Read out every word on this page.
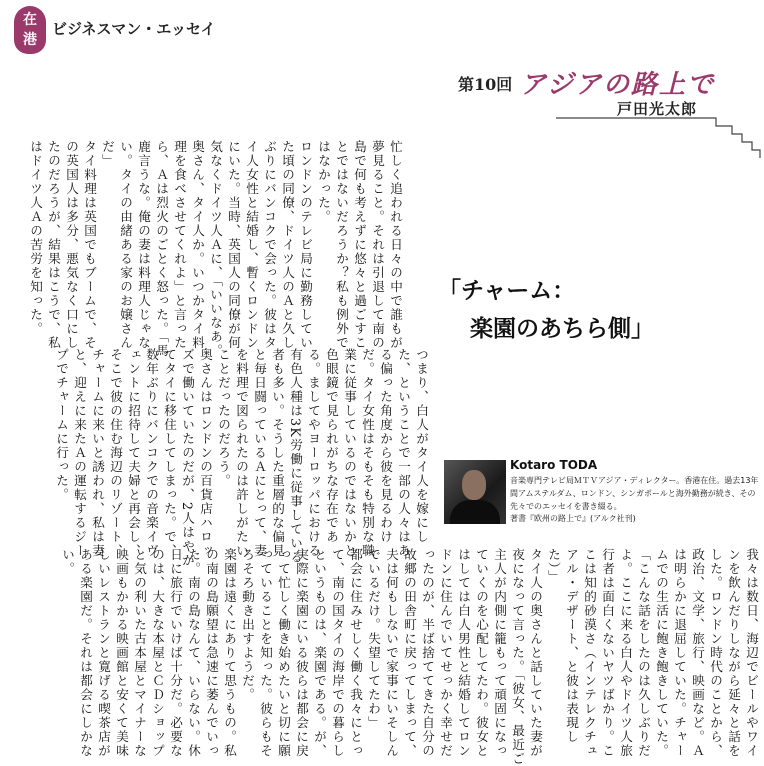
在
港
ビジネスマン・エッセイ
第10回 アジアの路上で
戸田光太郎
忙しく追われる日々の中で誰もが夢見ること。それは引退して南の島で何も考えずに悠々と過ごすことではないだろうか？私も例外ではなかった。
ロンドンのテレビ局に勤務していた頃の同僚、ドイツ人のＡと久しぶりにバンコクで会った。彼はタイ人女性と結婚し、暫くロンドンにいた。当時、英国人の同僚が何気なくドイツ人Ａに、「いいなあ。奥さん、タイ人か。いつかタイ料理を食べさせてくれよ」と言ったら、Ａは烈火のごとく怒った。「馬鹿言うな。俺の妻は料理人じゃない。タイの由緒ある家のお嬢さんだ」
タイ料理は英国でもブームで、その英国人は多分、悪気なく口にしたのだろうが、結果はこうで、私はドイツ人Ａの苦労を知った。
つまり、白人がタイ人を嫁にした、ということで一部の人々はある偏った角度から彼を見るわけだ。タイ女性はそもそも特別な職業に従事しているのではないかと色眼鏡で見られがちな存在である。ましてやヨーロッパにおける有色人種は3K労働に従事している者も多い。そうした重層的な偏見と毎日闘っているＡにとって、妻を料理で図られたのは許しがたいことだったのだろう。
奥さんはロンドンの百貨店ハロッズで働いていたのだが、2人はやがてタイに移住してしまった。で、数年ぶりにバンコクでの音楽イヴェントに招待して夫婦と再会し、そこで彼の住む海辺のリゾート、チャームに来いと誘われ、私は妻と、迎えに来たＡの運転するジープでチャームに行った。
「チャーム：
楽園のあちら側」
Kotaro TODA
音楽専門テレビ局ＭＴＶアジア・ディレクター。香港在住。過去13年間アムステルダム、ロンドン、シンガポールと海外勤務が続き、その先々でのエッセイを書き綴る。
著書『欧州の路上で』(アルク社刊)
我々は数日、海辺でビールやワインを飲んだりしながら延々と話をした。ロンドン時代のことから、政治、文学、旅行、映画など。Ａは明らかに退屈していた。チャームでの生活に飽き飽きしていた。「こんな話をしたのは久しぶりだよ。ここに来る白人やドイツ人旅行者は面白くないヤツばかり。ここは知的砂漠さ（インテレクチュアル・デザート、と彼は表現した）」
タイ人の奥さんと話していた妻が夜になって言った。「彼女、最近ご主人が内側に籠もって頑固になっていくのを心配してたわ。彼女とはしては白人男性と結婚してロンドンに住んでいてせっかく幸せだったのが、半ば捨ててきた自分の故郷の田舎町に戻ってしまって、夫は何もしないで家事にいそしんでいるだけ。失望してたわ」
都会に住みせしく働く我々にとって、南の国タイの海岸での暮らしというものは、楽園である。が、実際に楽園にいる彼らは都会に戻って忙しく働き始めたいと切に願っていることを知った。彼らもそろそろ動き出すようだ。
楽園は遠くにありて思うもの。私の南の島願望は急速に萎んでいった。南の島なんて、いらない。休日に旅行でいけば十分だ。必要なのは、大きな本屋とＣＤショップと気の利いた古本屋とマイナーな映画もかかる映画館と安くて美味しいレストランと寛げる喫茶店がある楽園だ。それは都会にしかない。
